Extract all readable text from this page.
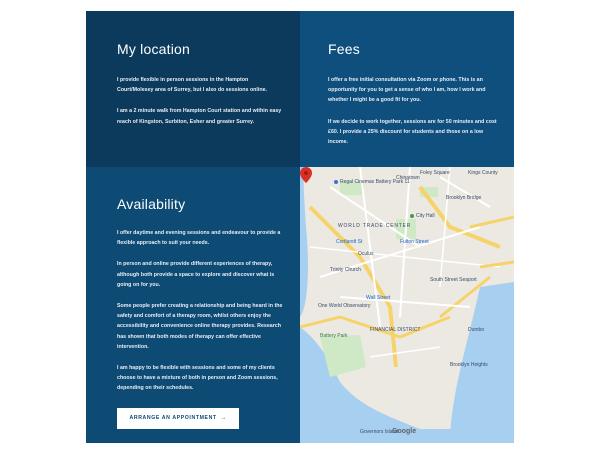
My location

I provide flexible in person sessions in the Hampton Court/Molesey area of Surrey, but I also do sessions online.

I am a 2 minute walk from Hampton Court station and within easy reach of Kingston, Surbiton, Esher and greater Surrey.

Fees

I offer a free initial consultation via Zoom or phone. This is an opportunity for you to get a sense of who I am, how I work and whether I might be a good fit for you.

If we decide to work together, sessions are for 50 minutes and cost £60. I provide a 25% discount for students and those on a low income.

Availability

I offer daytime and evening sessions and endeavour to provide a flexible approach to suit your needs.

In person and online provide different experiences of therapy, although both provide a space to explore and discover what is going on for you.

Some people prefer creating a relationship and being heard in the safety and comfort of a therapy room, whilst others enjoy the accessibility and convenience online therapy provides. Research has shown that both modes of therapy can offer effective intervention.

I am happy to be flexible with sessions and some of my clients choose to have a mixture of both in person and Zoom sessions, depending on their schedules.

ARRANGE AN APPOINTMENT →
Foley Square	Kings County
Regal Cinemas Battery Park 11
Chinatown
Brooklyn Bridge
WORLD TRADE CENTER
City Hall
Fulton Street
Oculus
Wall Street
South Street Seaport
Trinity Church
Cortlandt St
Battery Park
FINANCIAL DISTRICT
One World Observatory
Brooklyn Heights
Dumbo
Governors Island
Google
